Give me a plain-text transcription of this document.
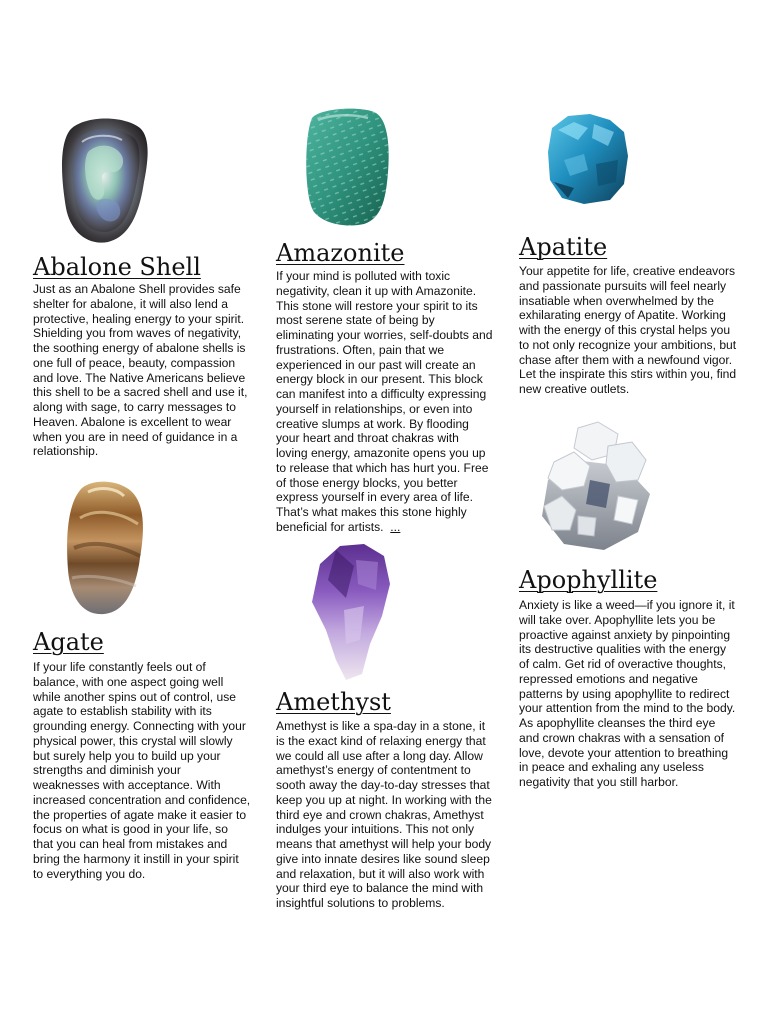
Abalone Shell	Amazonite	Apatite
Agate
Amethyst
Apophyllite
Just as an Abalone Shell provides safe
shelter for abalone, it will also lend a
protective, healing energy to your spirit.
Shielding you from waves of negativity,
the soothing energy of abalone shells is
one full of peace, beauty, compassion
and love. The Native Americans believe
this shell to be a sacred shell and use it,
along with sage, to carry messages to
Heaven. Abalone is excellent to wear
when you are in need of guidance in a
relationship.
If your mind is polluted with toxic
negativity, clean it up with Amazonite.
This stone will restore your spirit to its
most serene state of being by
eliminating your worries, self-doubts and
frustrations. Often, pain that we
experienced in our past will create an
energy block in our present. This block
can manifest into a difficulty expressing
yourself in relationships, or even into
creative slumps at work. By flooding
your heart and throat chakras with
loving energy, amazonite opens you up
to release that which has hurt you. Free
of those energy blocks, you better
express yourself in every area of life.
That’s what makes this stone highly
beneficial for artists. ...
Your appetite for life, creative endeavors
and passionate pursuits will feel nearly
insatiable when overwhelmed by the
exhilarating energy of Apatite. Working
with the energy of this crystal helps you
to not only recognize your ambitions, but
chase after them with a newfound vigor.
Let the inspirate this stirs within you, find
new creative outlets.
If your life constantly feels out of
balance, with one aspect going well
while another spins out of control, use
agate to establish stability with its
grounding energy. Connecting with your
physical power, this crystal will slowly
but surely help you to build up your
strengths and diminish your
weaknesses with acceptance. With
increased concentration and confidence,
the properties of agate make it easier to
focus on what is good in your life, so
that you can heal from mistakes and
bring the harmony it instill in your spirit
to everything you do.
Amethyst is like a spa-day in a stone, it
is the exact kind of relaxing energy that
we could all use after a long day. Allow
amethyst’s energy of contentment to
sooth away the day-to-day stresses that
keep you up at night. In working with the
third eye and crown chakras, Amethyst
indulges your intuitions. This not only
means that amethyst will help your body
give into innate desires like sound sleep
and relaxation, but it will also work with
your third eye to balance the mind with
insightful solutions to problems.
Anxiety is like a weed—if you ignore it, it
will take over. Apophyllite lets you be
proactive against anxiety by pinpointing
its destructive qualities with the energy
of calm. Get rid of overactive thoughts,
repressed emotions and negative
patterns by using apophyllite to redirect
your attention from the mind to the body.
As apophyllite cleanses the third eye
and crown chakras with a sensation of
love, devote your attention to breathing
in peace and exhaling any useless
negativity that you still harbor.
